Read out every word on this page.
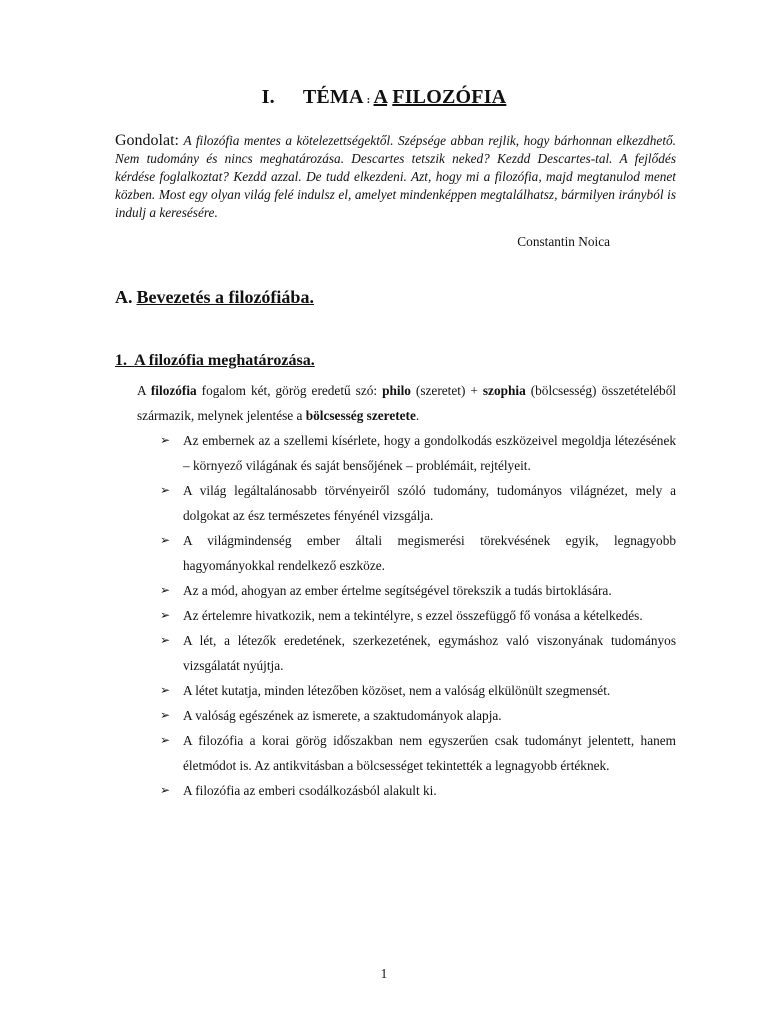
I. TÉMA : A FILOZÓFIA
Gondolat: A filozófia mentes a kötelezettségektől. Szépsége abban rejlik, hogy bárhonnan elkezdhető. Nem tudomány és nincs meghatározása. Descartes tetszik neked? Kezdd Descartes-tal. A fejlődés kérdése foglalkoztat? Kezdd azzal. De tudd elkezdeni. Azt, hogy mi a filozófia, majd megtanulod menet közben. Most egy olyan világ felé indulsz el, amelyet mindenképpen megtalálhatsz, bármilyen irányból is indulj a keresésére.
Constantin Noica
A. Bevezetés a filozófiába.
1. A filozófia meghatározása.
A filozófia fogalom két, görög eredetű szó: philo (szeretet) + szophia (bölcsesség) összetételéből származik, melynek jelentése a bölcsesség szeretete.
➢ Az embernek az a szellemi kísérlete, hogy a gondolkodás eszközeivel megoldja létezésének – környező világának és saját bensőjének – problémáit, rejtélyeit.
➢ A világ legáltalánosabb törvényeiről szóló tudomány, tudományos világnézet, mely a dolgokat az ész természetes fényénél vizsgálja.
➢ A világmindenség ember általi megismerési törekvésének egyik, legnagyobb hagyományokkal rendelkező eszköze.
➢ Az a mód, ahogyan az ember értelme segítségével törekszik a tudás birtoklására.
➢ Az értelemre hivatkozik, nem a tekintélyre, s ezzel összefüggő fő vonása a kételkedés.
➢ A lét, a létezők eredetének, szerkezetének, egymáshoz való viszonyának tudományos vizsgálatát nyújtja.
➢ A létet kutatja, minden létezőben közöset, nem a valóság elkülönült szegmensét.
➢ A valóság egészének az ismerete, a szaktudományok alapja.
➢ A filozófia a korai görög időszakban nem egyszerűen csak tudományt jelentett, hanem életmódot is. Az antikvitásban a bölcsességet tekintették a legnagyobb értéknek.
➢ A filozófia az emberi csodálkozásból alakult ki.
1
